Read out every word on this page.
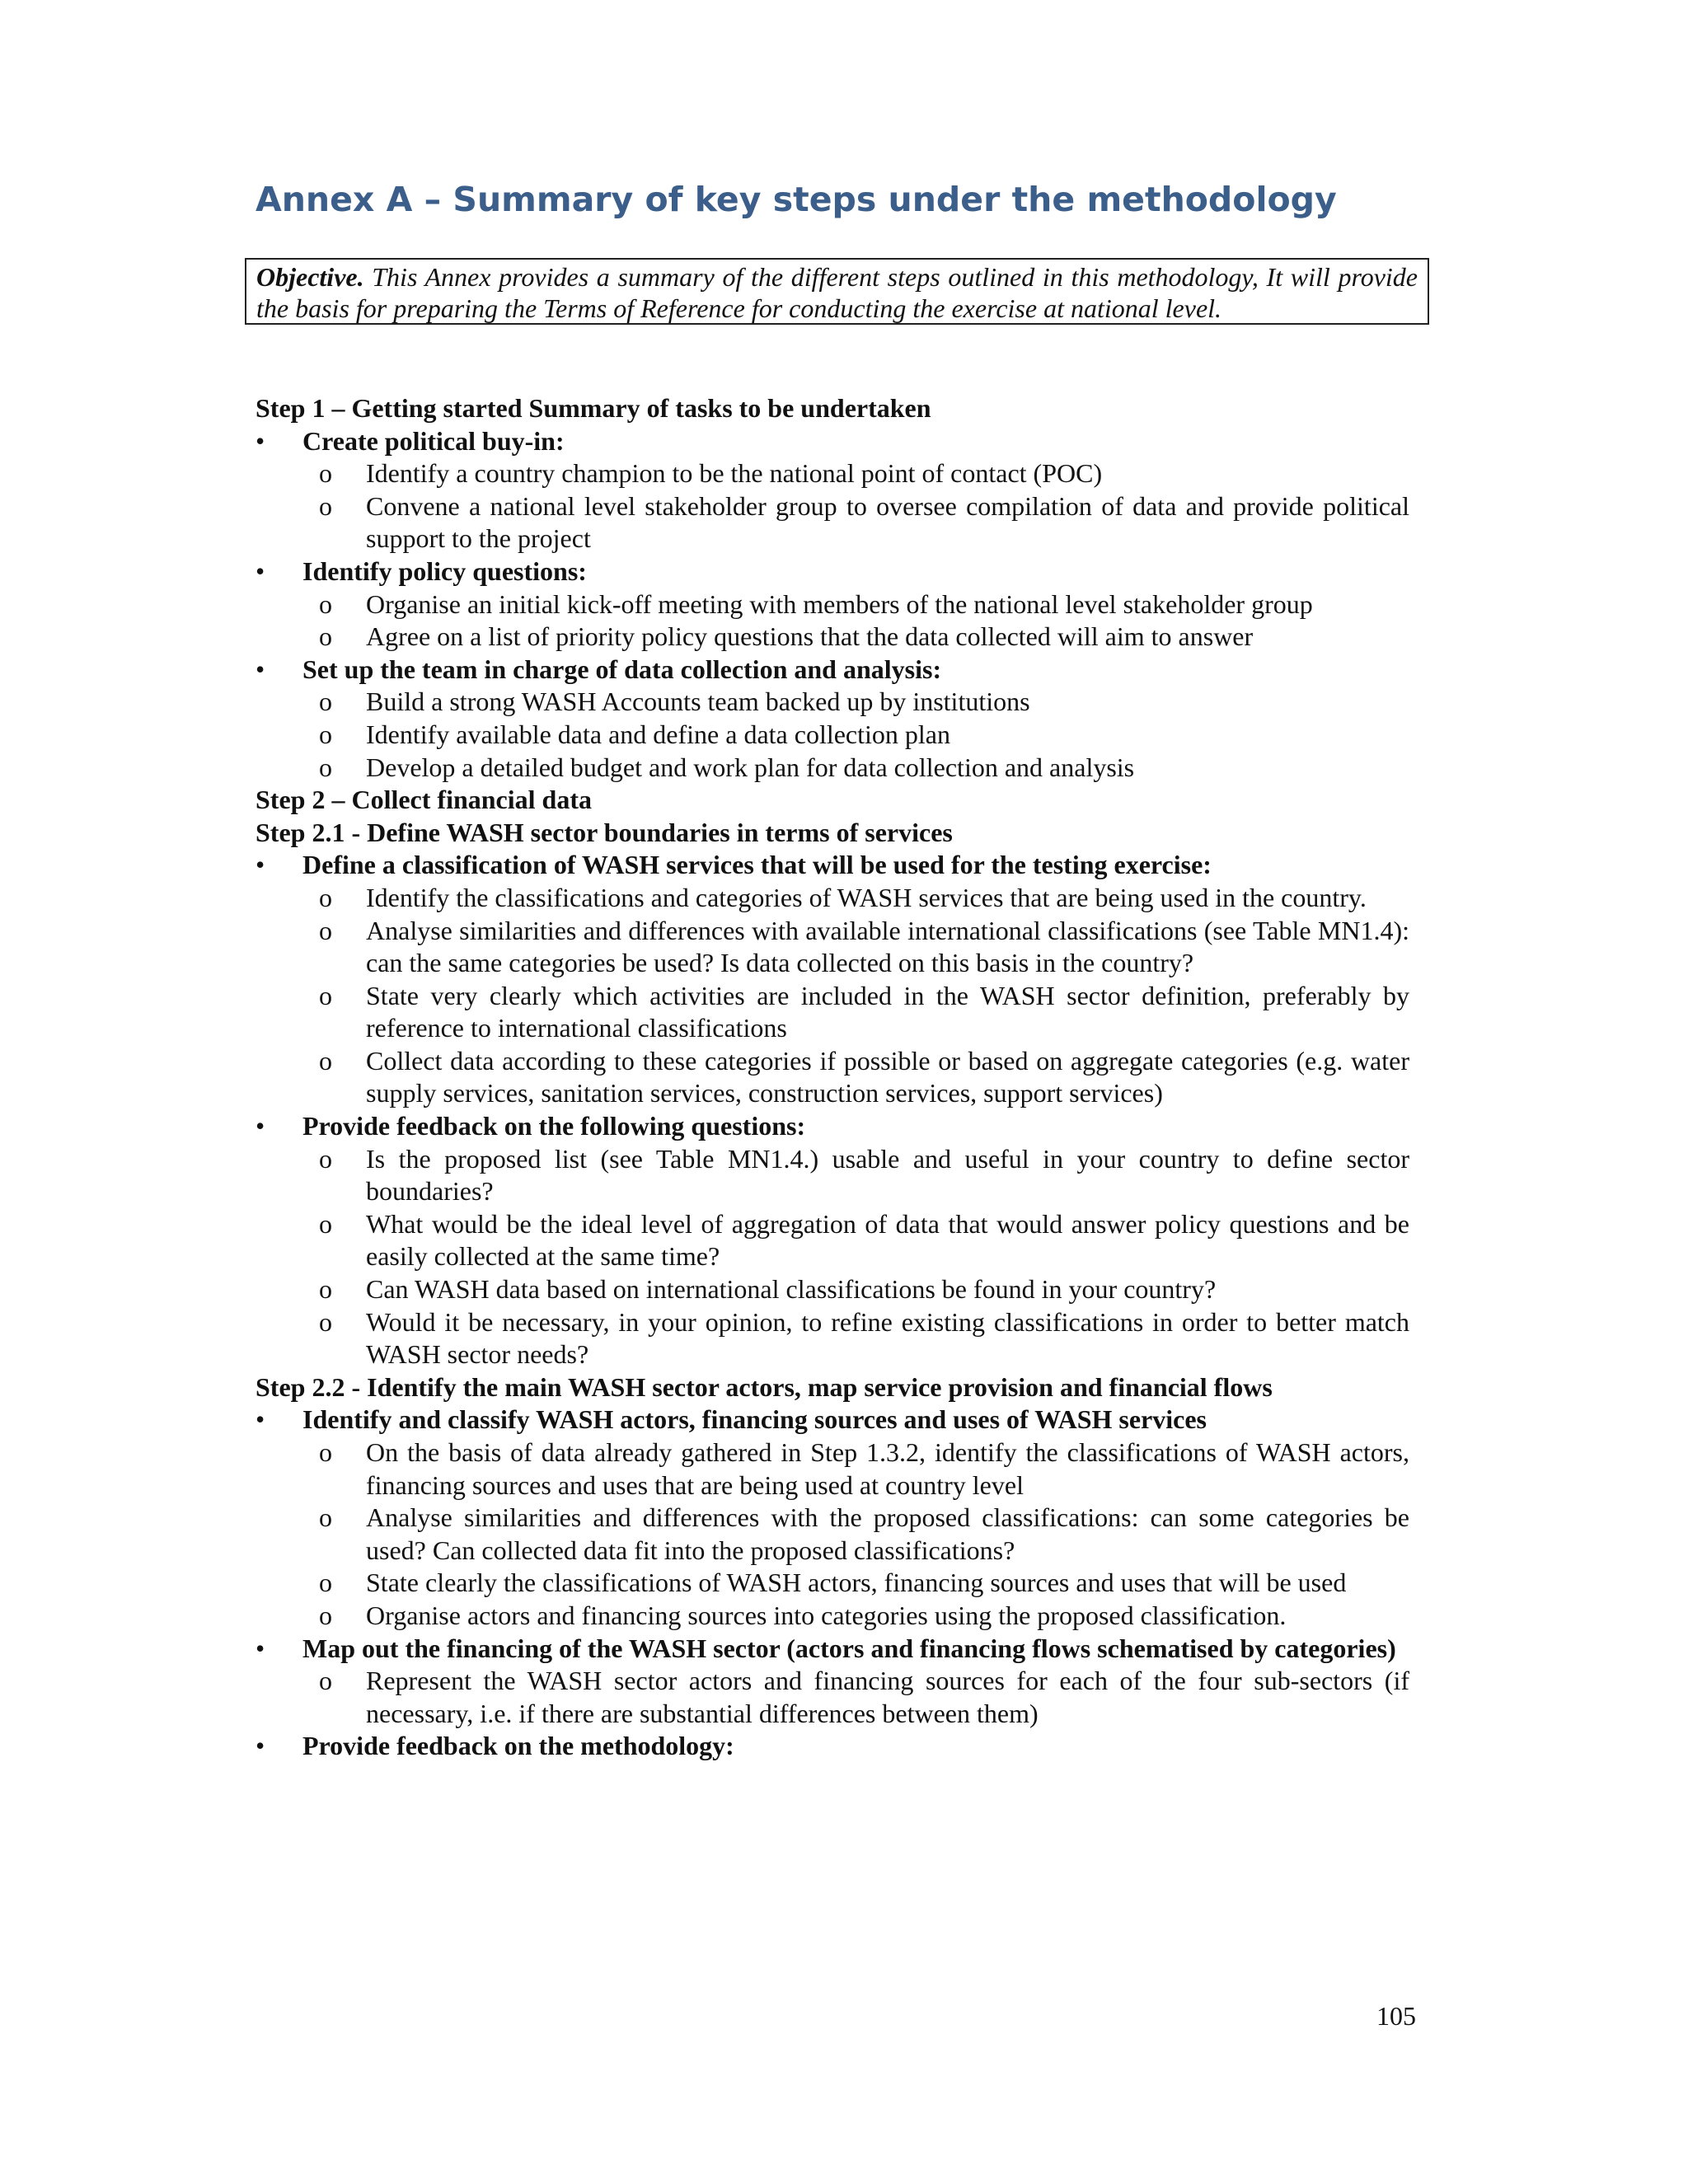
Annex A – Summary of key steps under the methodology
Objective. This Annex provides a summary of the different steps outlined in this methodology, It will provide the basis for preparing the Terms of Reference for conducting the exercise at national level.

Step 1 – Getting started Summary of tasks to be undertaken

• Create political buy-in:

o Identify a country champion to be the national point of contact (POC)

o Convene a national level stakeholder group to oversee compilation of data and provide political support to the project

• Identify policy questions:

o Organise an initial kick-off meeting with members of the national level stakeholder group

o Agree on a list of priority policy questions that the data collected will aim to answer

• Set up the team in charge of data collection and analysis:

o Build a strong WASH Accounts team backed up by institutions

o Identify available data and define a data collection plan

o Develop a detailed budget and work plan for data collection and analysis

Step 2 – Collect financial data

Step 2.1 - Define WASH sector boundaries in terms of services

• Define a classification of WASH services that will be used for the testing exercise:

o Identify the classifications and categories of WASH services that are being used in the country.

o Analyse similarities and differences with available international classifications (see Table MN1.4): can the same categories be used? Is data collected on this basis in the country?

o State very clearly which activities are included in the WASH sector definition, preferably by reference to international classifications

o Collect data according to these categories if possible or based on aggregate categories (e.g. water supply services, sanitation services, construction services, support services)

• Provide feedback on the following questions:

o Is the proposed list (see Table MN1.4.) usable and useful in your country to define sector boundaries?

o What would be the ideal level of aggregation of data that would answer policy questions and be easily collected at the same time?

o Can WASH data based on international classifications be found in your country?

o Would it be necessary, in your opinion, to refine existing classifications in order to better match WASH sector needs?

Step 2.2 - Identify the main WASH sector actors, map service provision and financial flows

• Identify and classify WASH actors, financing sources and uses of WASH services

o On the basis of data already gathered in Step 1.3.2, identify the classifications of WASH actors, financing sources and uses that are being used at country level

o Analyse similarities and differences with the proposed classifications: can some categories be used? Can collected data fit into the proposed classifications?

o State clearly the classifications of WASH actors, financing sources and uses that will be used

o Organise actors and financing sources into categories using the proposed classification.

• Map out the financing of the WASH sector (actors and financing flows schematised by categories)

o Represent the WASH sector actors and financing sources for each of the four sub-sectors (if necessary, i.e. if there are substantial differences between them)

• Provide feedback on the methodology:

105
